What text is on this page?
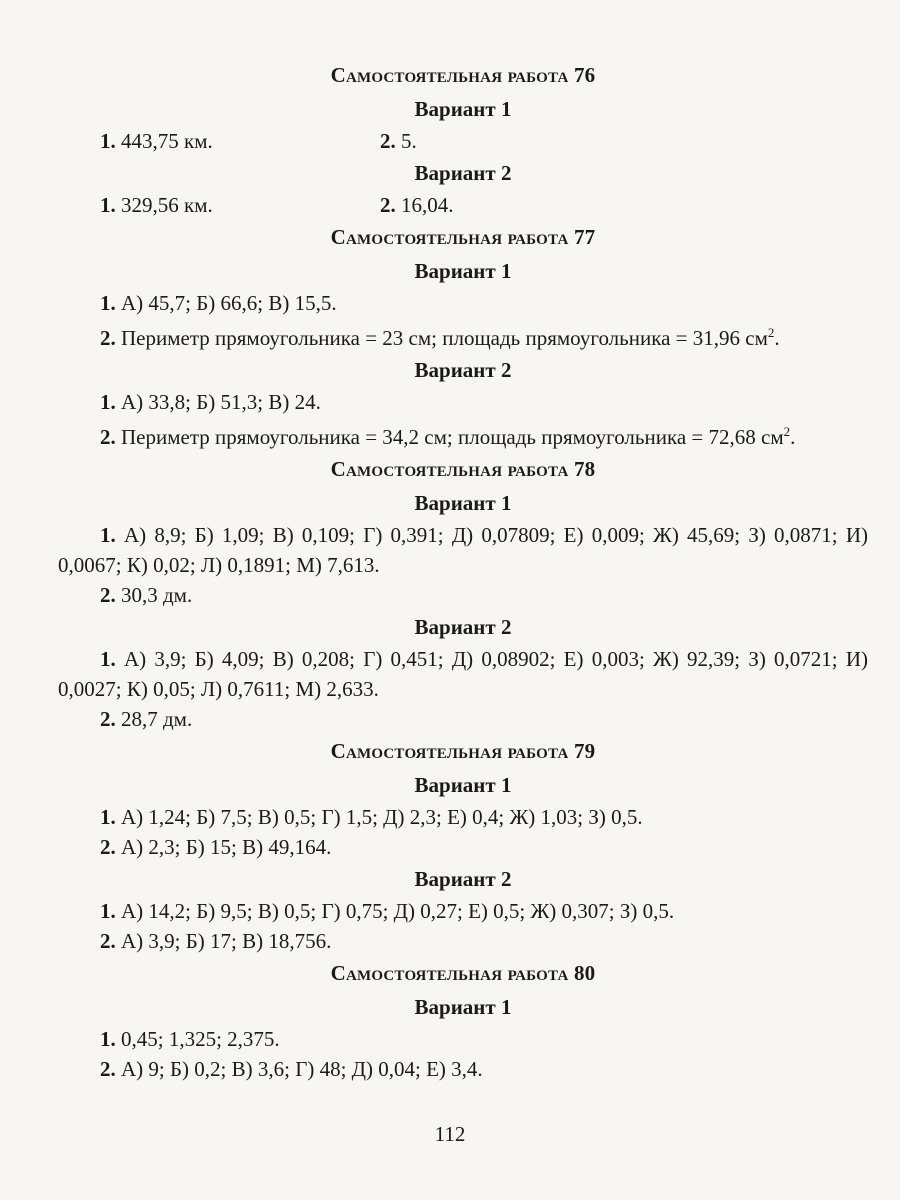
Самостоятельная работа 76
Вариант 1
1. 443,75 км.	2. 5.
Вариант 2
1. 329,56 км.	2. 16,04.
Самостоятельная работа 77
Вариант 1

1. А) 45,7; Б) 66,6; В) 15,5.

2. Периметр прямоугольника = 23 см; площадь прямоугольника = 31,96 $см^2$.

Вариант 2

1. А) 33,8; Б) 51,3; В) 24.

2. Периметр прямоугольника = 34,2 см; площадь прямоугольника = 72,68 $см^2$.

Самостоятельная работа 78
Вариант 1

1. А) 8,9; Б) 1,09; В) 0,109; Г) 0,391; Д) 0,07809; Е) 0,009; Ж) 45,69; З) 0,0871; И) 0,0067; К) 0,02; Л) 0,1891; М) 7,613.

2. 30,3 дм.

Вариант 2

1. А) 3,9; Б) 4,09; В) 0,208; Г) 0,451; Д) 0,08902; Е) 0,003; Ж) 92,39; З) 0,0721; И) 0,0027; К) 0,05; Л) 0,7611; М) 2,633.

2. 28,7 дм.

Самостоятельная работа 79
Вариант 1

1. А) 1,24; Б) 7,5; В) 0,5; Г) 1,5; Д) 2,3; Е) 0,4; Ж) 1,03; З) 0,5.

2. А) 2,3; Б) 15; В) 49,164.

Вариант 2

1. А) 14,2; Б) 9,5; В) 0,5; Г) 0,75; Д) 0,27; Е) 0,5; Ж) 0,307; З) 0,5.

2. А) 3,9; Б) 17; В) 18,756.

Самостоятельная работа 80
Вариант 1

1. 0,45; 1,325; 2,375.

2. А) 9; Б) 0,2; В) 3,6; Г) 48; Д) 0,04; Е) 3,4.

112
